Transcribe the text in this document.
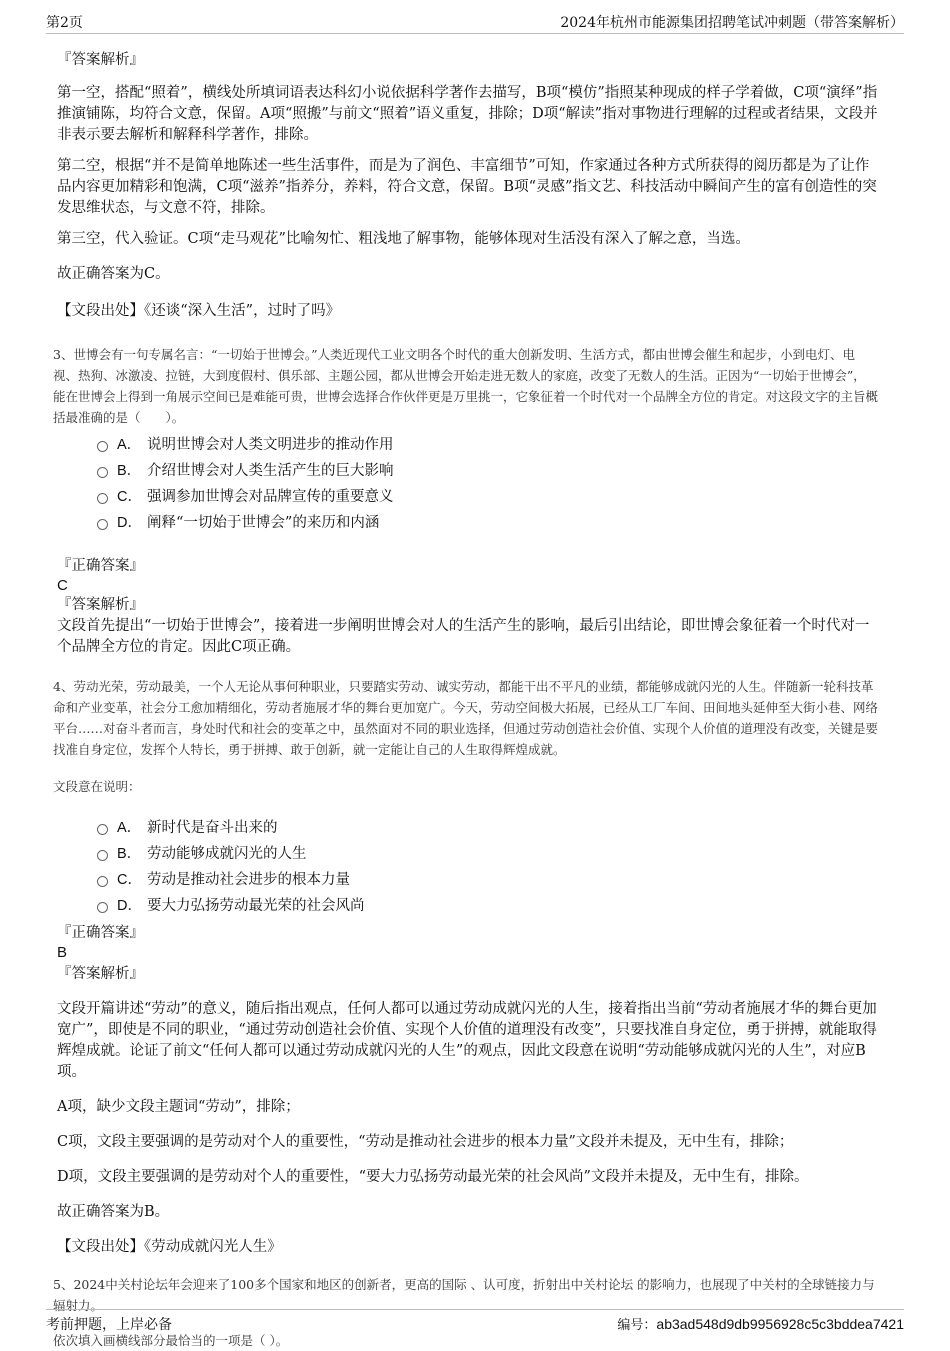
第2页	2024年杭州市能源集团招聘笔试冲刺题（带答案解析）

『答案解析』

第一空，搭配“照着”，横线处所填词语表达科幻小说依据科学著作去描写，B项“模仿”指照某种现成的样子学着做，C项“演绎”指推演铺陈，均符合文意，保留。A项“照搬”与前文“照着”语义重复，排除；D项“解读”指对事物进行理解的过程或者结果，文段并非表示要去解析和解释科学著作，排除。

第二空，根据“并不是简单地陈述一些生活事件，而是为了润色、丰富细节”可知，作家通过各种方式所获得的阅历都是为了让作品内容更加精彩和饱满，C项“滋养”指养分，养料，符合文意，保留。B项“灵感”指文艺、科技活动中瞬间产生的富有创造性的突发思维状态，与文意不符，排除。

第三空，代入验证。C项“走马观花”比喻匆忙、粗浅地了解事物，能够体现对生活没有深入了解之意，当选。

故正确答案为C。

【文段出处】《还谈“深入生活”，过时了吗》

3、世博会有一句专属名言：“一切始于世博会。”人类近现代工业文明各个时代的重大创新发明、生活方式，都由世博会催生和起步，小到电灯、电视、热狗、冰激凌、拉链，大到度假村、俱乐部、主题公园，都从世博会开始走进无数人的家庭，改变了无数人的生活。正因为“一切始于世博会”，能在世博会上得到一角展示空间已是难能可贵，世博会选择合作伙伴更是万里挑一，它象征着一个时代对一个品牌全方位的肯定。对这段文字的主旨概括最准确的是（　　）。

A． 说明世博会对人类文明进步的推动作用
B． 介绍世博会对人类生活产生的巨大影响
C． 强调参加世博会对品牌宣传的重要意义
D． 阐释“一切始于世博会”的来历和内涵

『正确答案』

C

『答案解析』

文段首先提出“一切始于世博会”，接着进一步阐明世博会对人的生活产生的影响，最后引出结论，即世博会象征着一个时代对一个品牌全方位的肯定。因此C项正确。

4、劳动光荣，劳动最美，一个人无论从事何种职业，只要踏实劳动、诚实劳动，都能干出不平凡的业绩，都能够成就闪光的人生。伴随新一轮科技革命和产业变革，社会分工愈加精细化，劳动者施展才华的舞台更加宽广。今天，劳动空间极大拓展，已经从工厂车间、田间地头延伸至大街小巷、网络平台……对奋斗者而言，身处时代和社会的变革之中，虽然面对不同的职业选择，但通过劳动创造社会价值、实现个人价值的道理没有改变，关键是要找准自身定位，发挥个人特长，勇于拼搏、敢于创新，就一定能让自己的人生取得辉煌成就。

文段意在说明：

A． 新时代是奋斗出来的
B． 劳动能够成就闪光的人生
C． 劳动是推动社会进步的根本力量
D． 要大力弘扬劳动最光荣的社会风尚

『正确答案』

B

『答案解析』

文段开篇讲述“劳动”的意义，随后指出观点，任何人都可以通过劳动成就闪光的人生，接着指出当前“劳动者施展才华的舞台更加宽广”，即使是不同的职业，“通过劳动创造社会价值、实现个人价值的道理没有改变”，只要找准自身定位，勇于拼搏，就能取得辉煌成就。论证了前文“任何人都可以通过劳动成就闪光的人生”的观点，因此文段意在说明“劳动能够成就闪光的人生”，对应B项。

A项，缺少文段主题词“劳动”，排除；

C项，文段主要强调的是劳动对个人的重要性，“劳动是推动社会进步的根本力量”文段并未提及，无中生有，排除；

D项，文段主要强调的是劳动对个人的重要性，“要大力弘扬劳动最光荣的社会风尚”文段并未提及，无中生有，排除。

故正确答案为B。

【文段出处】《劳动成就闪光人生》

5、2024中关村论坛年会迎来了100多个国家和地区的创新者，更高的国际 、认可度，折射出中关村论坛 的影响力，也展现了中关村的全球链接力与辐射力。

依次填入画横线部分最恰当的一项是（ ）。

考前押题，上岸必备	编号：ab3ad548d9db9956928c5c3bddea7421
